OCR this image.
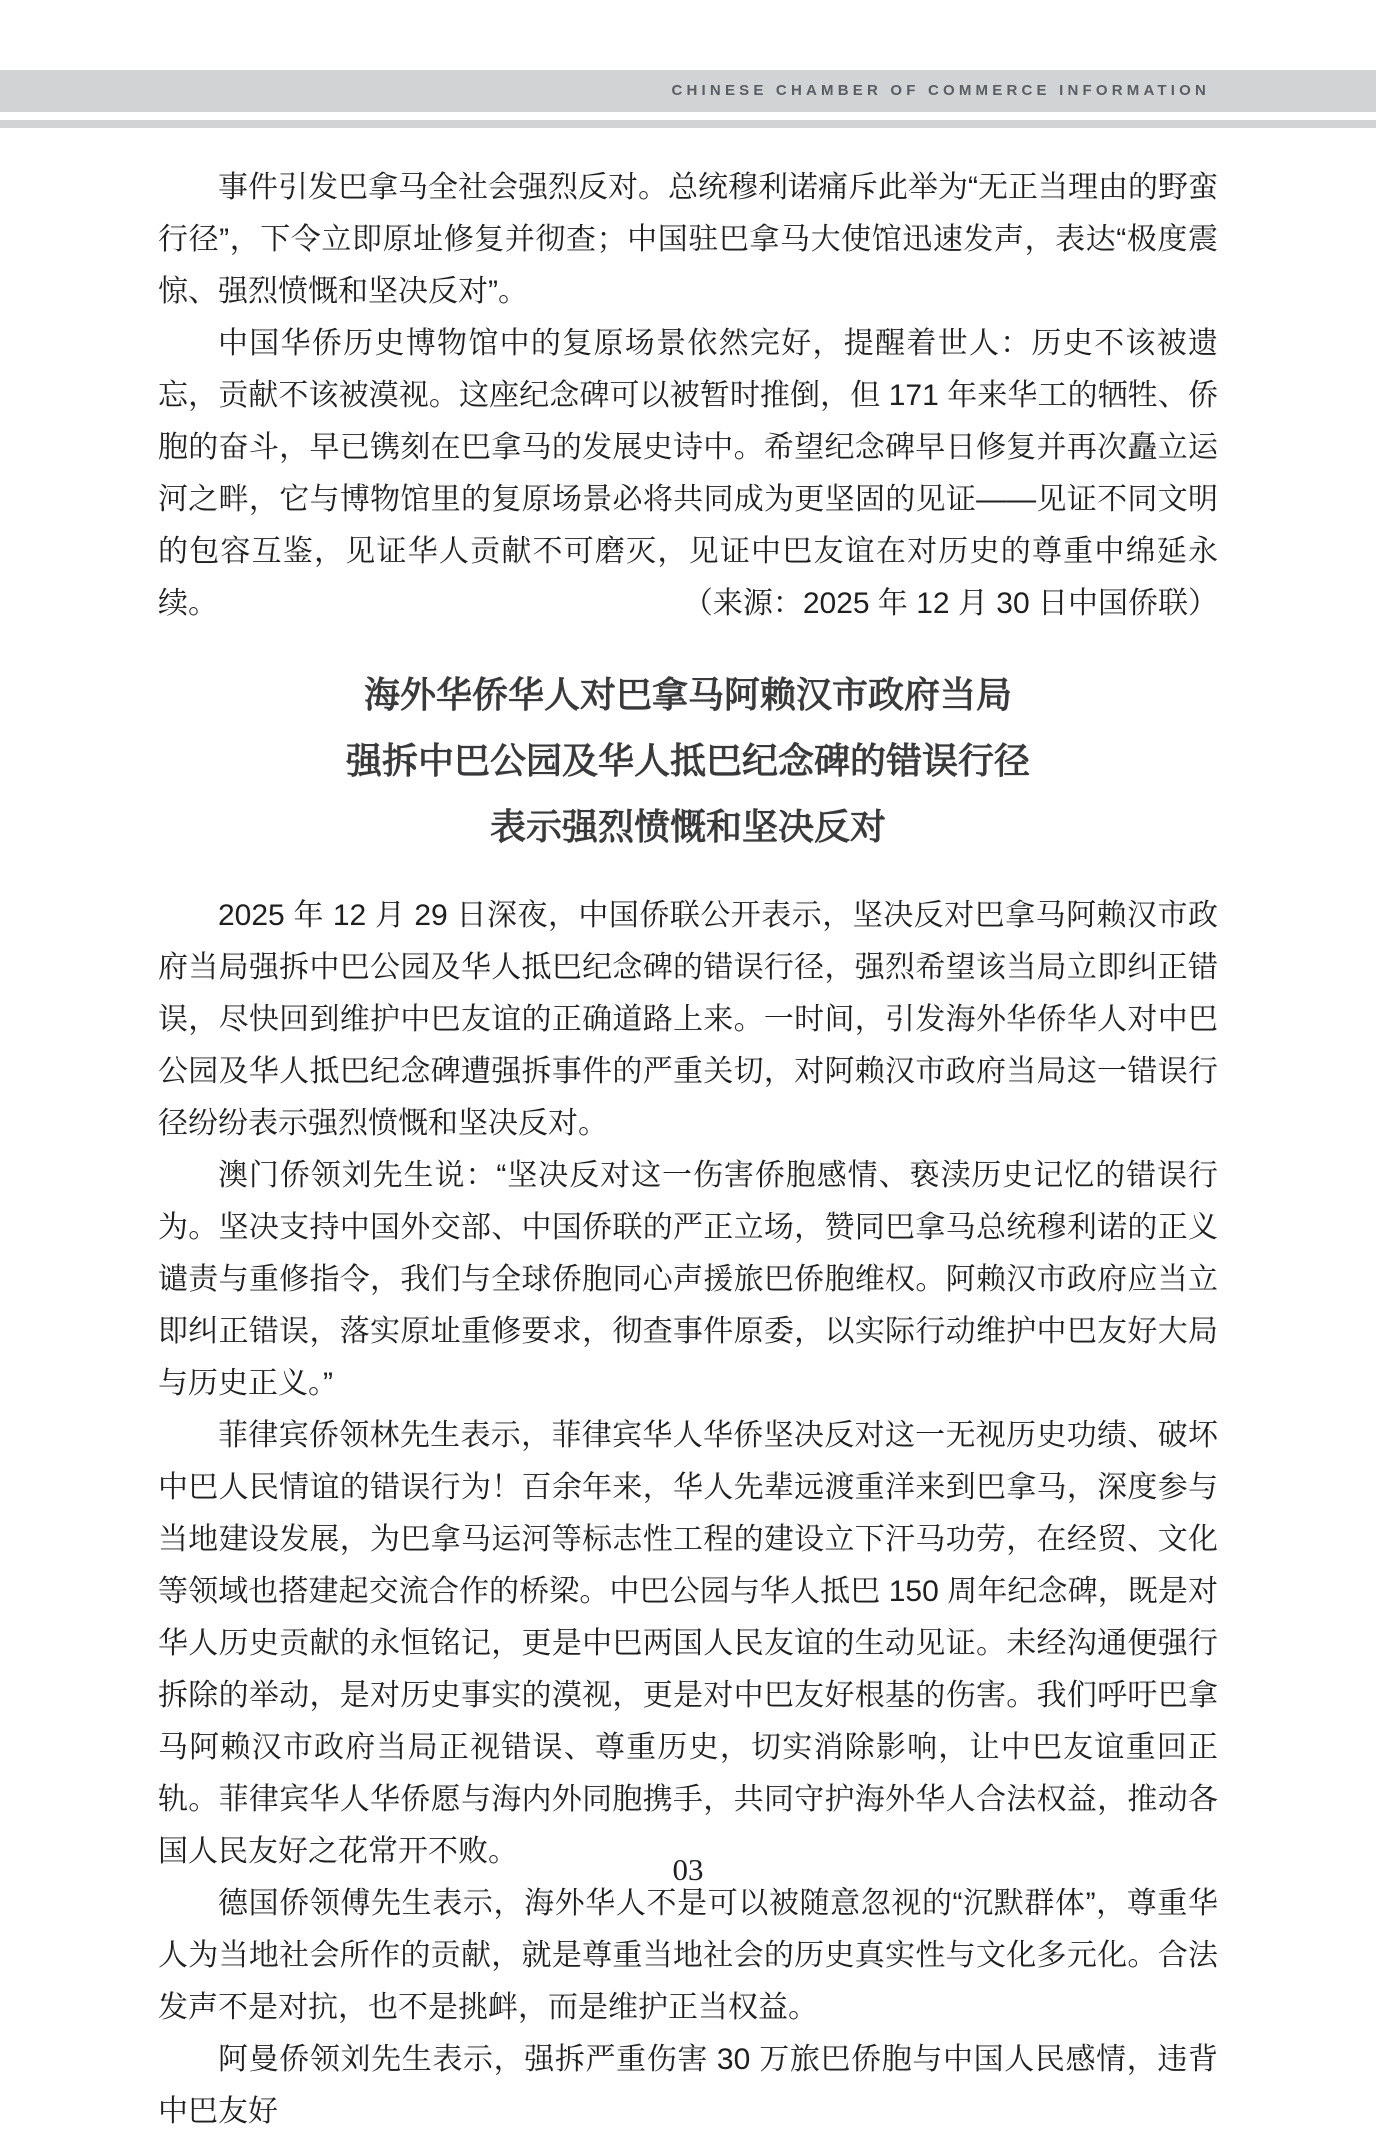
CHINESE CHAMBER OF COMMERCE INFORMATION

事件引发巴拿马全社会强烈反对。总统穆利诺痛斥此举为“无正当理由的野蛮行径”，下令立即原址修复并彻查；中国驻巴拿马大使馆迅速发声，表达“极度震惊、强烈愤慨和坚决反对”。

中国华侨历史博物馆中的复原场景依然完好，提醒着世人：历史不该被遗忘，贡献不该被漠视。这座纪念碑可以被暂时推倒，但 171 年来华工的牺牲、侨胞的奋斗，早已镌刻在巴拿马的发展史诗中。希望纪念碑早日修复并再次矗立运河之畔，它与博物馆里的复原场景必将共同成为更坚固的见证——见证不同文明的包容互鉴，见证华人贡献不可磨灭，见证中巴友谊在对历史的尊重中绵延永续。	（来源：2025 年 12 月 30 日中国侨联）

海外华侨华人对巴拿马阿赖汉市政府当局
强拆中巴公园及华人抵巴纪念碑的错误行径
表示强烈愤慨和坚决反对

2025 年 12 月 29 日深夜，中国侨联公开表示，坚决反对巴拿马阿赖汉市政府当局强拆中巴公园及华人抵巴纪念碑的错误行径，强烈希望该当局立即纠正错误，尽快回到维护中巴友谊的正确道路上来。一时间，引发海外华侨华人对中巴公园及华人抵巴纪念碑遭强拆事件的严重关切，对阿赖汉市政府当局这一错误行径纷纷表示强烈愤慨和坚决反对。

澳门侨领刘先生说：“坚决反对这一伤害侨胞感情、亵渎历史记忆的错误行为。坚决支持中国外交部、中国侨联的严正立场，赞同巴拿马总统穆利诺的正义谴责与重修指令，我们与全球侨胞同心声援旅巴侨胞维权。阿赖汉市政府应当立即纠正错误，落实原址重修要求，彻查事件原委，以实际行动维护中巴友好大局与历史正义。”

菲律宾侨领林先生表示，菲律宾华人华侨坚决反对这一无视历史功绩、破坏中巴人民情谊的错误行为！百余年来，华人先辈远渡重洋来到巴拿马，深度参与当地建设发展，为巴拿马运河等标志性工程的建设立下汗马功劳，在经贸、文化等领域也搭建起交流合作的桥梁。中巴公园与华人抵巴 150 周年纪念碑，既是对华人历史贡献的永恒铭记，更是中巴两国人民友谊的生动见证。未经沟通便强行拆除的举动，是对历史事实的漠视，更是对中巴友好根基的伤害。我们呼吁巴拿马阿赖汉市政府当局正视错误、尊重历史，切实消除影响，让中巴友谊重回正轨。菲律宾华人华侨愿与海内外同胞携手，共同守护海外华人合法权益，推动各国人民友好之花常开不败。

德国侨领傅先生表示，海外华人不是可以被随意忽视的“沉默群体”，尊重华人为当地社会所作的贡献，就是尊重当地社会的历史真实性与文化多元化。合法发声不是对抗，也不是挑衅，而是维护正当权益。

阿曼侨领刘先生表示，强拆严重伤害 30 万旅巴侨胞与中国人民感情，违背中巴友好

03
